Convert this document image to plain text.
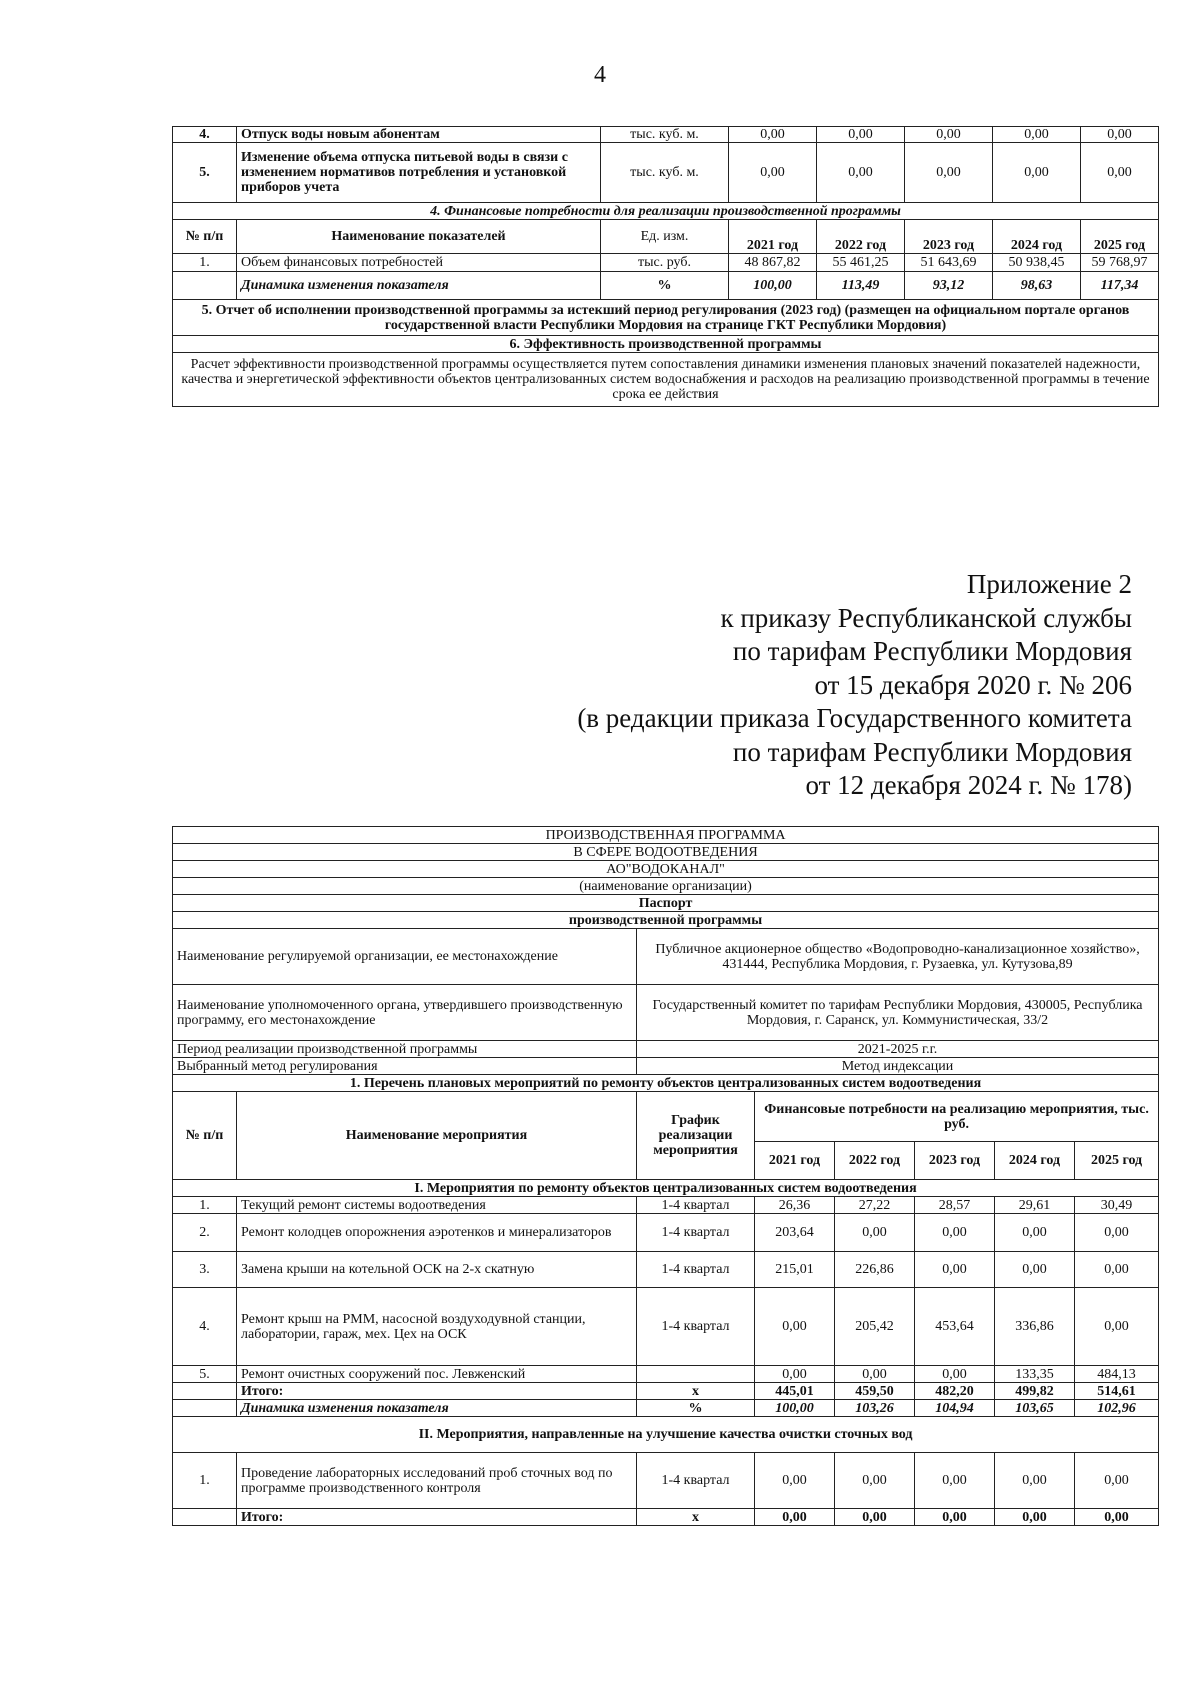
4
4.	Отпуск воды новым абонентам	тыс. куб. м.	0,00	0,00	0,00	0,00	0,00
5.	Изменение объема отпуска питьевой воды в связи с изменением нормативов потребления и установкой приборов учета	тыс. куб. м.	0,00	0,00	0,00	0,00	0,00
4. Финансовые потребности для реализации производственной программы							
№ п/п	Наименование показателей	Ед. изм.	2021 год	2022 год	2023 год	2024 год	2025 год
1.	Объем финансовых потребностей	тыс. руб.	48 867,82	55 461,25	51 643,69	50 938,45	59 768,97
	Динамика изменения показателя	%	100,00	113,49	93,12	98,63	117,34
5. Отчет об исполнении производственной программы за истекший период регулирования (2023 год) (размещен на официальном портале органов государственной власти Республики Мордовия на странице ГКТ Республики Мордовия)							
6. Эффективность производственной программы							
Расчет эффективности производственной программы осуществляется путем сопоставления динамики изменения плановых значений показателей надежности, качества и энергетической эффективности объектов централизованных систем водоснабжения и расходов на реализацию производственной программы в течение срока ее действия							
Приложение 2
к приказу Республиканской службы
по тарифам Республики Мордовия
от 15 декабря 2020 г. № 206
(в редакции приказа Государственного комитета
по тарифам Республики Мордовия
от 12 декабря 2024 г. № 178)
ПРОИЗВОДСТВЕННАЯ ПРОГРАММА							
В СФЕРЕ ВОДООТВЕДЕНИЯ							
АО"ВОДОКАНАЛ"							
(наименование организации)							
Паспорт							
производственной программы							
Наименование регулируемой организации, ее местонахождение		Публичное акционерное общество «Водопроводно-канализационное хозяйство», 431444, Республика Мордовия, г. Рузаевка, ул. Кутузова,89					
Наименование уполномоченного органа, утвердившего производственную программу, его местонахождение		Государственный комитет по тарифам Республики Мордовия, 430005, Республика Мордовия, г. Саранск, ул. Коммунистическая, 33/2					
Период реализации производственной программы		2021-2025 г.г.					
Выбранный метод регулирования		Метод индексации					
1. Перечень плановых мероприятий по ремонту объектов централизованных систем водоотведения							
№ п/п	Наименование мероприятия	График реализации мероприятия	Финансовые потребности на реализацию мероприятия, тыс. руб.				
			2021 год	2022 год	2023 год	2024 год	2025 год
I. Мероприятия по ремонту объектов централизованных систем водоотведения							
1.	Текущий ремонт системы водоотведения	1-4 квартал	26,36	27,22	28,57	29,61	30,49
2.	Ремонт колодцев опорожнения аэротенков и минерализаторов	1-4 квартал	203,64	0,00	0,00	0,00	0,00
3.	Замена крыши на котельной ОСК на 2-х скатную	1-4 квартал	215,01	226,86	0,00	0,00	0,00
4.	Ремонт крыш на РММ, насосной воздуходувной станции, лаборатории, гараж, мех. Цех на ОСК	1-4 квартал	0,00	205,42	453,64	336,86	0,00
5.	Ремонт очистных сооружений пос. Левженский		0,00	0,00	0,00	133,35	484,13
	Итого:	х	445,01	459,50	482,20	499,82	514,61
	Динамика изменения показателя	%	100,00	103,26	104,94	103,65	102,96
II. Мероприятия, направленные на улучшение качества очистки сточных вод							
1.	Проведение лабораторных исследований проб сточных вод по программе производственного контроля	1-4 квартал	0,00	0,00	0,00	0,00	0,00
	Итого:	х	0,00	0,00	0,00	0,00	0,00
